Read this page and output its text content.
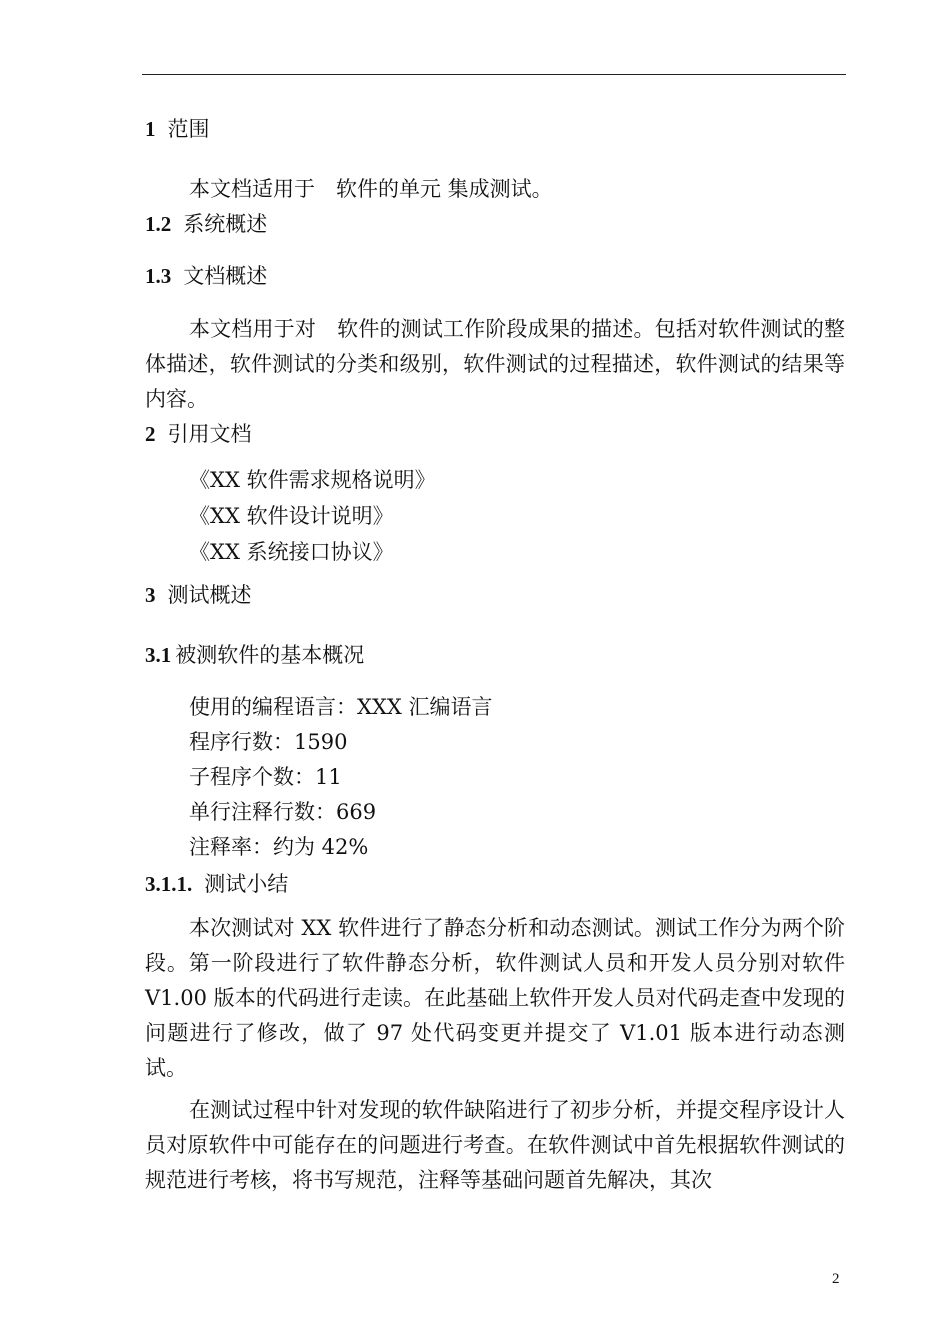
1 范围
本文档适用于　软件的单元 集成测试。
1.2 系统概述
1.3 文档概述
本文档用于对　软件的测试工作阶段成果的描述。包括对软件测试的整体描述，软件测试的分类和级别，软件测试的过程描述，软件测试的结果等内容。
2 引用文档
《XX 软件需求规格说明》
《XX 软件设计说明》
《XX 系统接口协议》
3 测试概述
3.1 被测软件的基本概况
使用的编程语言：XXX 汇编语言
程序行数：1590
子程序个数：11
单行注释行数：669
注释率：约为 42%
3.1.1. 测试小结
本次测试对 XX 软件进行了静态分析和动态测试。测试工作分为两个阶段。第一阶段进行了软件静态分析，软件测试人员和开发人员分别对软件 V1.00 版本的代码进行走读。在此基础上软件开发人员对代码走查中发现的问题进行了修改，做了 97 处代码变更并提交了 V1.01 版本进行动态测试。
在测试过程中针对发现的软件缺陷进行了初步分析，并提交程序设计人员对原软件中可能存在的问题进行考查。在软件测试中首先根据软件测试的规范进行考核，将书写规范，注释等基础问题首先解决，其次
2
